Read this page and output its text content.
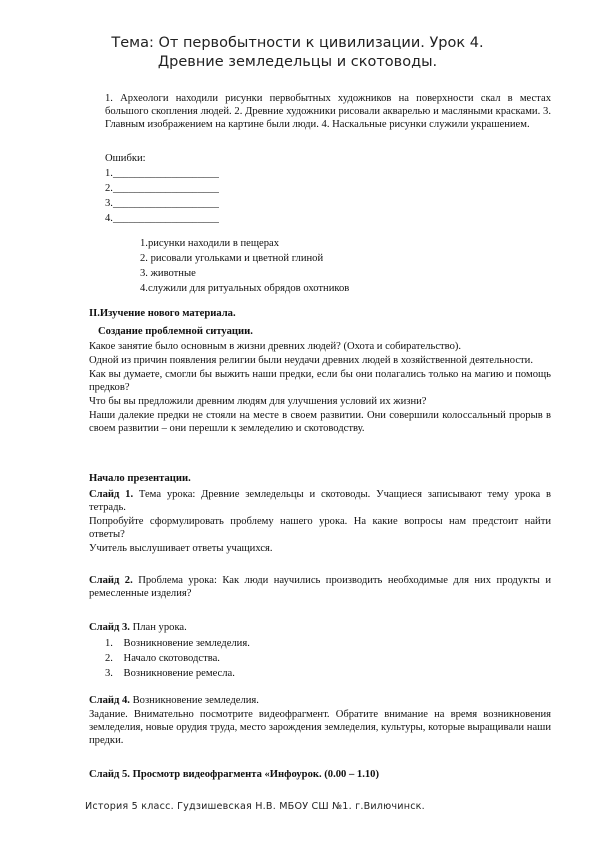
Тема: От первобытности к цивилизации. Урок 4.
Древние земледельцы и скотоводы.
1. Археологи находили рисунки первобытных художников на поверхности скал в местах большого скопления людей. 2. Древние художники рисовали акварелью и масляными красками. 3. Главным изображением на картине были люди. 4. Наскальные рисунки служили украшением.
Ошибки:
1.____________________
2.____________________
3.____________________
4.____________________
1.рисунки находили в пещерах
2. рисовали угольками и цветной глиной
3. животные
4.служили для ритуальных обрядов охотников
II.Изучение нового материала.
Создание проблемной ситуации.
Какое занятие было основным в жизни древних людей? (Охота и собирательство).
Одной из причин появления религии были неудачи древних людей в хозяйственной деятельности.
Как вы думаете, смогли бы выжить наши предки, если бы они полагались только на магию и помощь предков?
Что бы вы предложили древним людям для улучшения условий их жизни?
Наши далекие предки не стояли на месте в своем развитии. Они совершили колоссальный прорыв в своем развитии – они перешли к земледелию и скотоводству.
Начало презентации.
Слайд 1. Тема урока: Древние земледельцы и скотоводы. Учащиеся записывают тему урока в тетрадь.
Попробуйте сформулировать проблему нашего урока. На какие вопросы нам предстоит найти ответы?
Учитель выслушивает ответы учащихся.
Слайд 2. Проблема урока: Как люди научились производить необходимые для них продукты и ремесленные изделия?
Слайд 3. План урока.
1.    Возникновение земледелия.
2.    Начало скотоводства.
3.    Возникновение ремесла.
Слайд 4. Возникновение земледелия.
Задание. Внимательно посмотрите видеофрагмент. Обратите внимание на время возникновения земледелия, новые орудия труда, место зарождения земледелия, культуры, которые выращивали наши предки.
Слайд 5. Просмотр видеофрагмента «Инфоурок. (0.00 – 1.10)
История 5 класс. Гудзишевская Н.В. МБОУ СШ №1. г.Вилючинск.
